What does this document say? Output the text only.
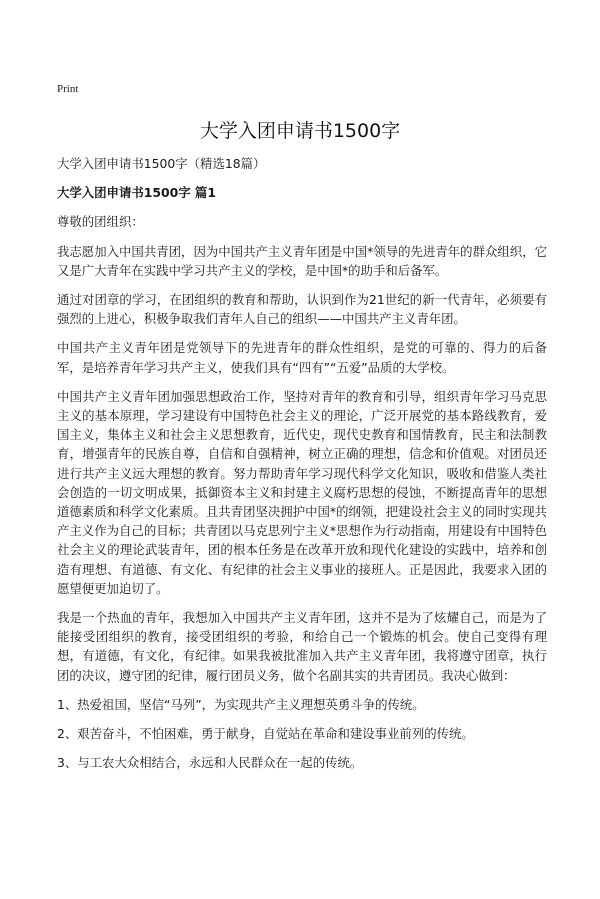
Print
大学入团申请书1500字

大学入团申请书1500字（精选18篇）

大学入团申请书1500字 篇1

尊敬的团组织：

我志愿加入中国共青团，因为中国共产主义青年团是中国*领导的先进青年的群众组织，它又是广大青年在实践中学习共产主义的学校，是中国*的助手和后备军。

通过对团章的学习，在团组织的教育和帮助，认识到作为21世纪的新一代青年，必须要有强烈的上进心，积极争取我们青年人自己的组织——中国共产主义青年团。

中国共产主义青年团是党领导下的先进青年的群众性组织，是党的可靠的、得力的后备军，是培养青年学习共产主义，使我们具有“四有”“五爱”品质的大学校。

中国共产主义青年团加强思想政治工作，坚持对青年的教育和引导，组织青年学习马克思主义的基本原理，学习建设有中国特色社会主义的理论，广泛开展党的基本路线教育，爱国主义，集体主义和社会主义思想教育，近代史，现代史教育和国情教育，民主和法制教育，增强青年的民族自尊，自信和自强精神，树立正确的理想，信念和价值观。对团员还进行共产主义远大理想的教育。努力帮助青年学习现代科学文化知识，吸收和借鉴人类社会创造的一切文明成果，抵御资本主义和封建主义腐朽思想的侵蚀，不断提高青年的思想道德素质和科学文化素质。且共青团坚决拥护中国*的纲领，把建设社会主义的同时实现共产主义作为自己的目标；共青团以马克思列宁主义*思想作为行动指南，用建设有中国特色社会主义的理论武装青年，团的根本任务是在改革开放和现代化建设的实践中，培养和创造有理想、有道德、有文化、有纪律的社会主义事业的接班人。正是因此，我要求入团的愿望便更加迫切了。

我是一个热血的青年，我想加入中国共产主义青年团，这并不是为了炫耀自己，而是为了能接受团组织的教育，接受团组织的考验，和给自己一个锻炼的机会。使自己变得有理想，有道德，有文化，有纪律。如果我被批准加入共产主义青年团，我将遵守团章，执行团的决议，遵守团的纪律，履行团员义务，做个名副其实的共青团员。我决心做到：

1、热爱祖国，坚信“马列”，为实现共产主义理想英勇斗争的传统。

2、艰苦奋斗，不怕困难，勇于献身，自觉站在革命和建设事业前列的传统。

3、与工农大众相结合，永远和人民群众在一起的传统。
